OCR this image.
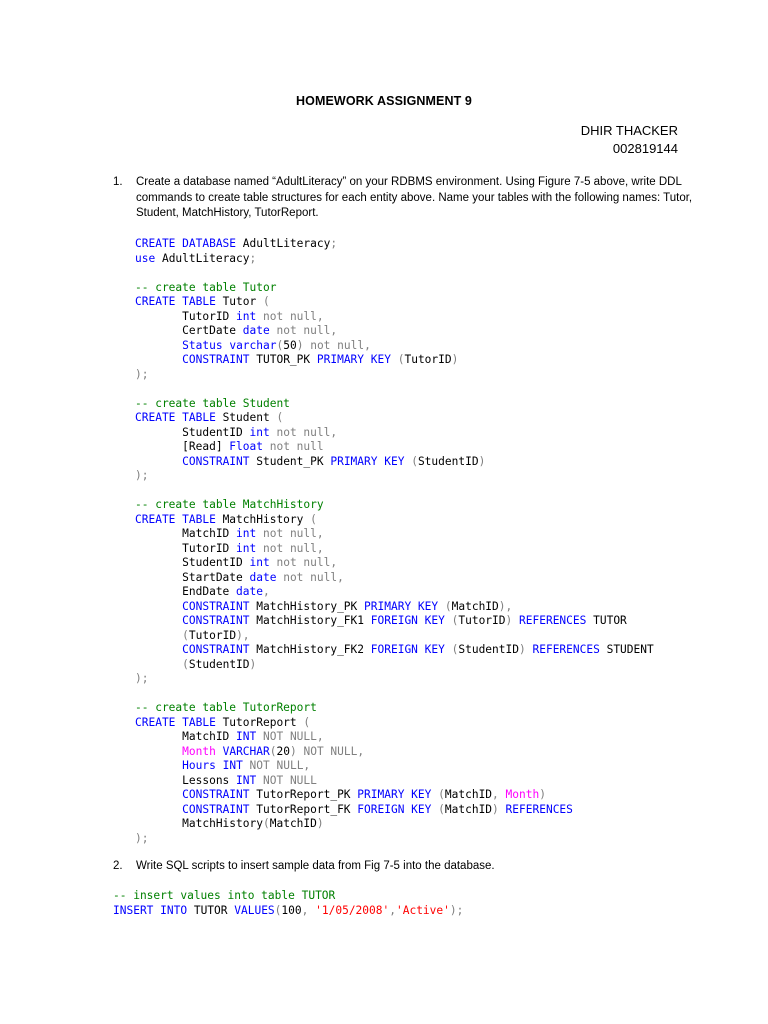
HOMEWORK ASSIGNMENT 9
DHIR THACKER
002819144
1. Create a database named “AdultLiteracy” on your RDBMS environment. Using Figure 7-5 above, write DDL commands to create table structures for each entity above. Name your tables with the following names: Tutor, Student, MatchHistory, TutorReport.
CREATE DATABASE AdultLiteracy;
use AdultLiteracy;

-- create table Tutor
CREATE TABLE Tutor (
TutorID int not null,
CertDate date not null,
Status varchar(50) not null,
CONSTRAINT TUTOR_PK PRIMARY KEY (TutorID)
);

-- create table Student
CREATE TABLE Student (
StudentID int not null,
[Read] Float not null
CONSTRAINT Student_PK PRIMARY KEY (StudentID)
);

-- create table MatchHistory
CREATE TABLE MatchHistory (
MatchID int not null,
TutorID int not null,
StudentID int not null,
StartDate date not null,
EndDate date,
CONSTRAINT MatchHistory_PK PRIMARY KEY (MatchID),
CONSTRAINT MatchHistory_FK1 FOREIGN KEY (TutorID) REFERENCES TUTOR
(TutorID),
CONSTRAINT MatchHistory_FK2 FOREIGN KEY (StudentID) REFERENCES STUDENT
(StudentID)
);

-- create table TutorReport
CREATE TABLE TutorReport (
MatchID INT NOT NULL,
Month VARCHAR(20) NOT NULL,
Hours INT NOT NULL,
Lessons INT NOT NULL
CONSTRAINT TutorReport_PK PRIMARY KEY (MatchID, Month)
CONSTRAINT TutorReport_FK FOREIGN KEY (MatchID) REFERENCES
MatchHistory(MatchID)
);
2. Write SQL scripts to insert sample data from Fig 7-5 into the database.
-- insert values into table TUTOR
INSERT INTO TUTOR VALUES(100, '1/05/2008','Active');
